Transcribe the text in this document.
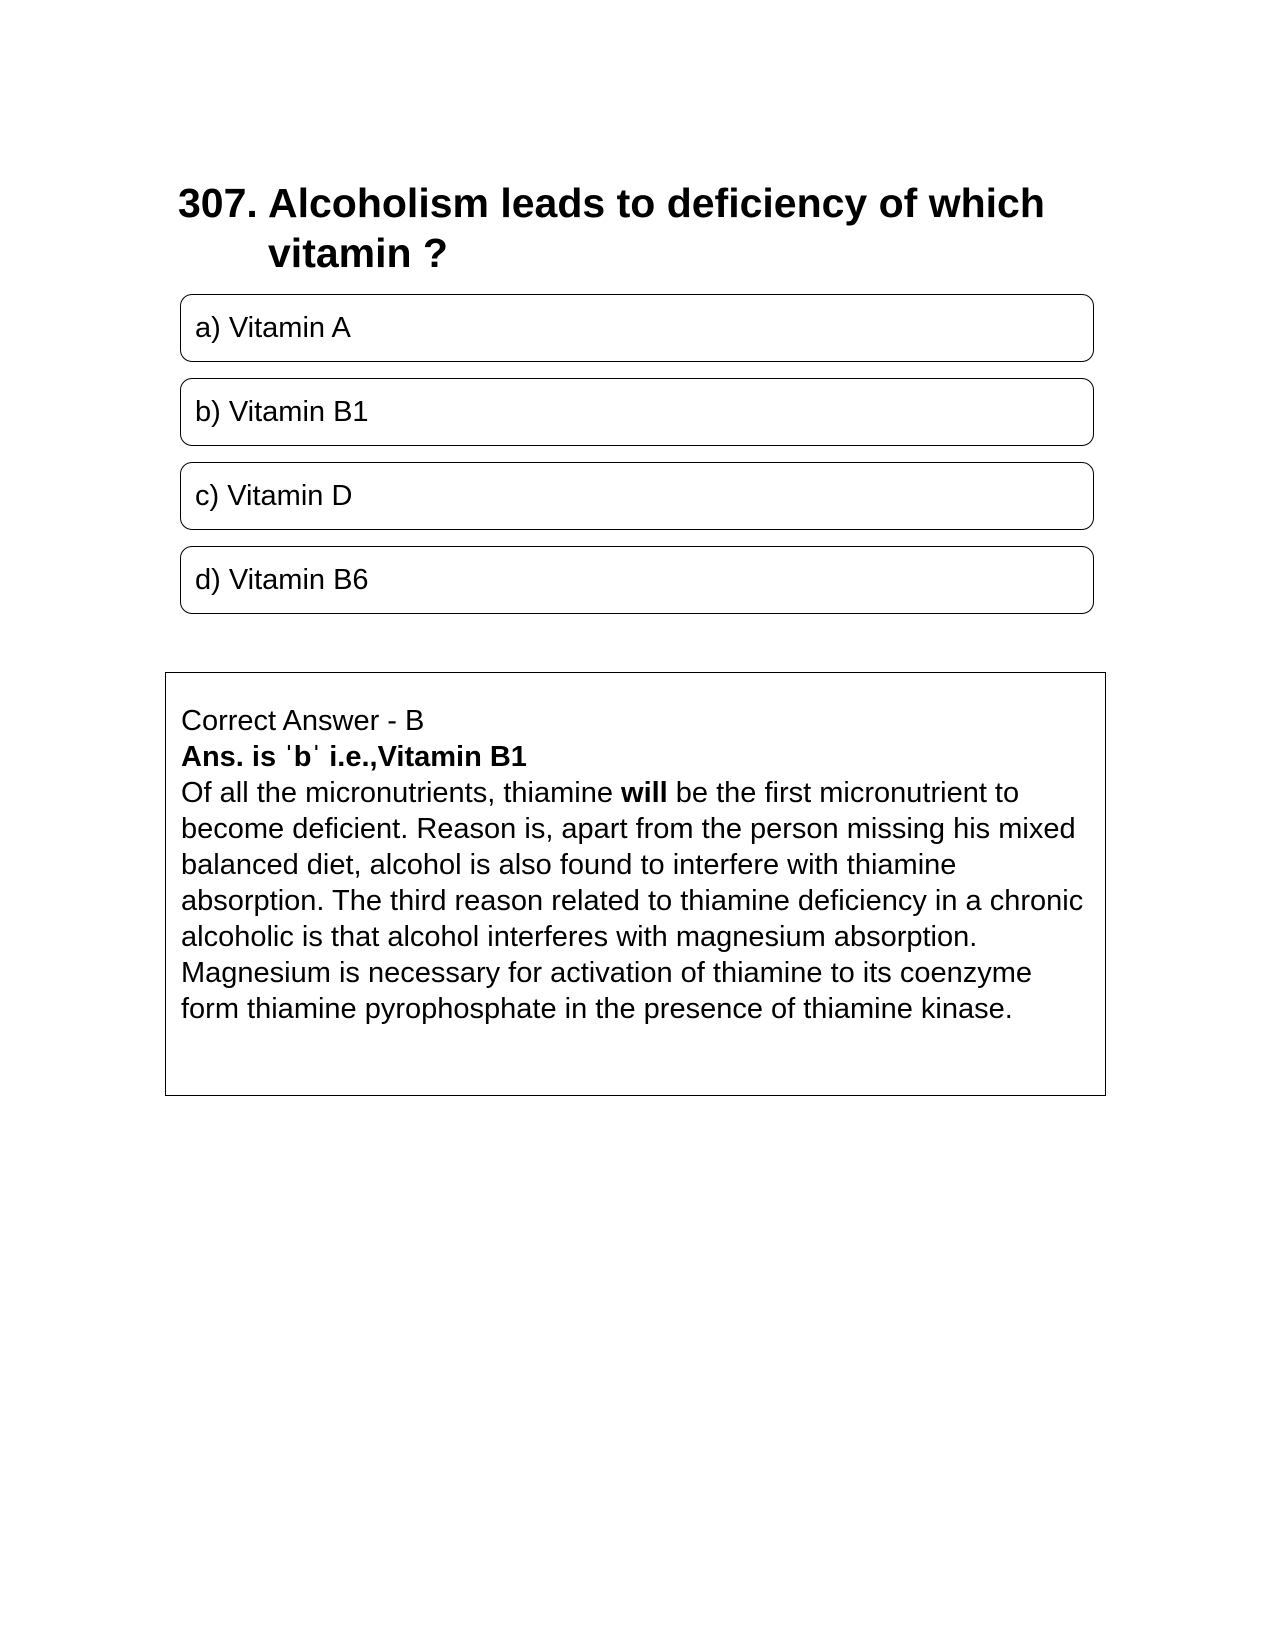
307. Alcoholism leads to deficiency of which vitamin ?
a) Vitamin A
b) Vitamin B1
c) Vitamin D
d) Vitamin B6
Correct Answer - B
Ans. is ˈbˈ i.e.,Vitamin B1
Of all the micronutrients, thiamine will be the first micronutrient to become deficient. Reason is, apart from the person missing his mixed balanced diet, alcohol is also found to interfere with thiamine absorption. The third reason related to thiamine deficiency in a chronic alcoholic is that alcohol interferes with magnesium absorption. Magnesium is necessary for activation of thiamine to its coenzyme form thiamine pyrophosphate in the presence of thiamine kinase.
